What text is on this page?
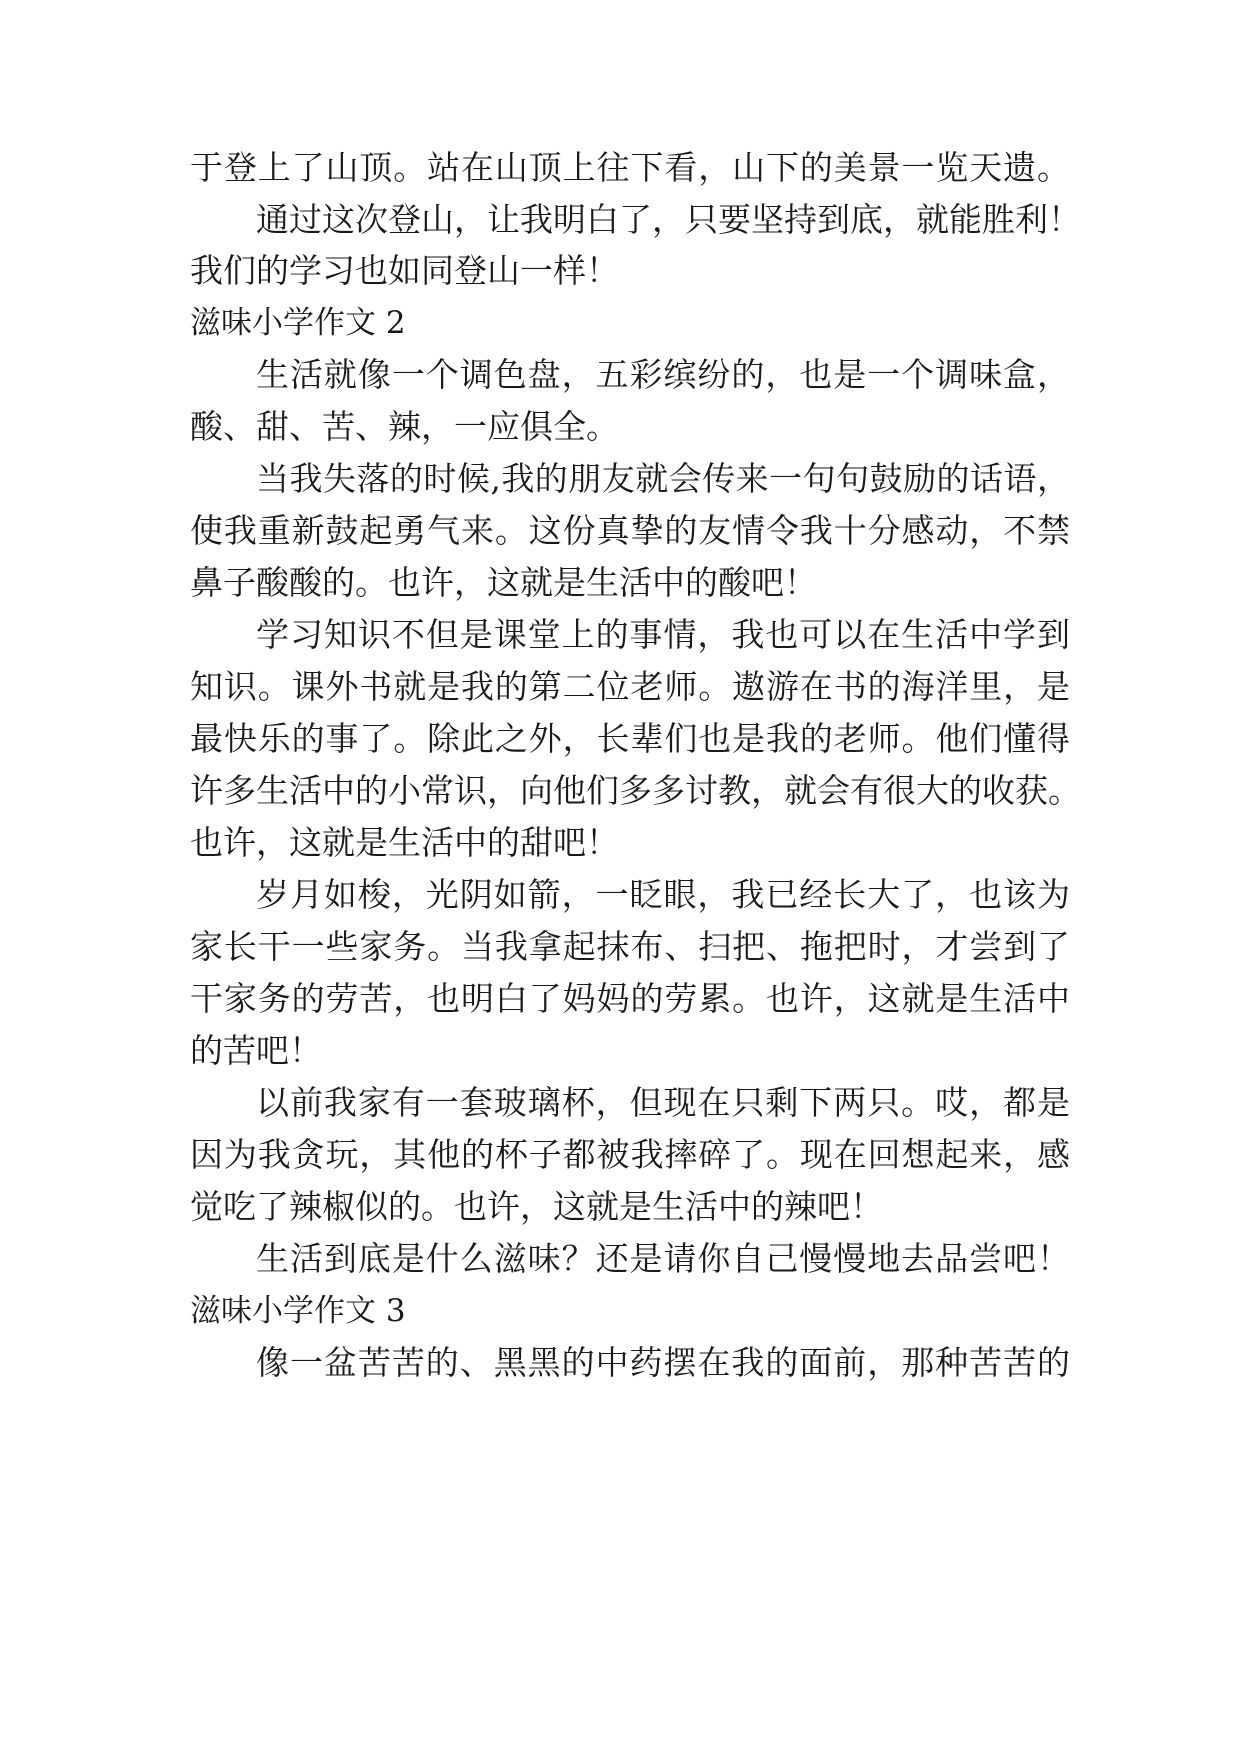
于登上了山顶。站在山顶上往下看，山下的美景一览天遗。
通过这次登山，让我明白了，只要坚持到底，就能胜利！
我们的学习也如同登山一样！
滋味小学作文 2
生活就像一个调色盘，五彩缤纷的，也是一个调味盒，
酸、甜、苦、辣，一应俱全。
当我失落的时候,我的朋友就会传来一句句鼓励的话语，
使我重新鼓起勇气来。这份真挚的友情令我十分感动，不禁
鼻子酸酸的。也许，这就是生活中的酸吧！
学习知识不但是课堂上的事情，我也可以在生活中学到
知识。课外书就是我的第二位老师。遨游在书的海洋里，是
最快乐的事了。除此之外，长辈们也是我的老师。他们懂得
许多生活中的小常识，向他们多多讨教，就会有很大的收获。
也许，这就是生活中的甜吧！
岁月如梭，光阴如箭，一眨眼，我已经长大了，也该为
家长干一些家务。当我拿起抹布、扫把、拖把时，才尝到了
干家务的劳苦，也明白了妈妈的劳累。也许，这就是生活中
的苦吧！
以前我家有一套玻璃杯，但现在只剩下两只。哎，都是
因为我贪玩，其他的杯子都被我摔碎了。现在回想起来，感
觉吃了辣椒似的。也许，这就是生活中的辣吧！
生活到底是什么滋味？还是请你自己慢慢地去品尝吧！
滋味小学作文 3
像一盆苦苦的、黑黑的中药摆在我的面前，那种苦苦的
